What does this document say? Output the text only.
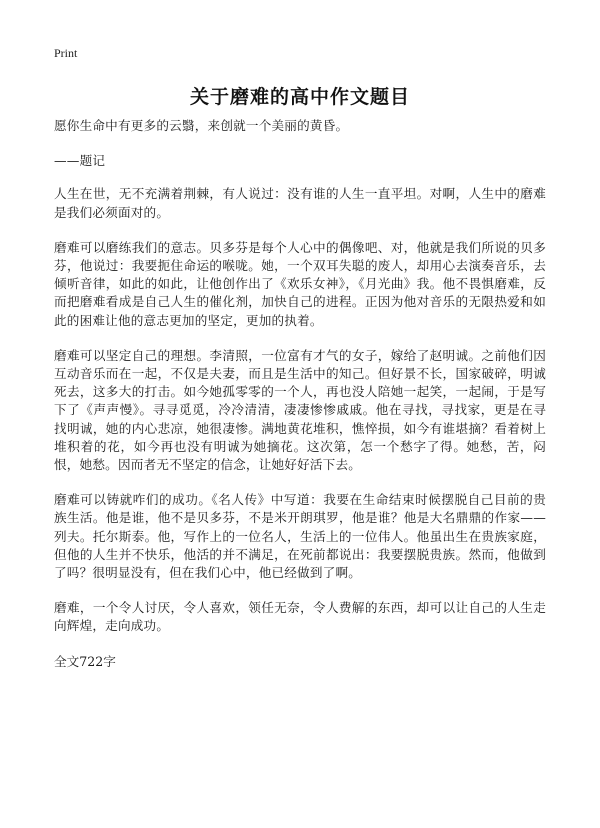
Print
关于磨难的高中作文题目

愿你生命中有更多的云翳，来创就一个美丽的黄昏。

——题记

人生在世，无不充满着荆棘，有人说过：没有谁的人生一直平坦。对啊，人生中的磨难是我们必须面对的。

磨难可以磨练我们的意志。贝多芬是每个人心中的偶像吧、对，他就是我们所说的贝多芬，他说过：我要扼住命运的喉咙。她，一个双耳失聪的废人，却用心去演奏音乐，去倾听音律，如此的如此，让他创作出了《欢乐女神》，《月光曲》我。他不畏惧磨难，反而把磨难看成是自己人生的催化剂，加快自己的进程。正因为他对音乐的无限热爱和如此的困难让他的意志更加的坚定，更加的执着。

磨难可以坚定自己的理想。李清照，一位富有才气的女子，嫁给了赵明诚。之前他们因互动音乐而在一起，不仅是夫妻，而且是生活中的知己。但好景不长，国家破碎，明诚死去，这多大的打击。如今她孤零零的一个人，再也没人陪她一起笑，一起闹，于是写下了《声声慢》。寻寻觅觅，冷冷清清，凄凄惨惨戚戚。他在寻找，寻找家，更是在寻找明诚，她的内心悲凉，她很凄惨。满地黄花堆积，憔悴损，如今有谁堪摘？看着树上堆积着的花，如今再也没有明诚为她摘花。这次第，怎一个愁字了得。她愁，苦，闷恨，她愁。因而者无不坚定的信念，让她好好活下去。

磨难可以铸就咋们的成功。《名人传》中写道：我要在生命结束时候摆脱自己目前的贵族生活。他是谁，他不是贝多芬，不是米开朗琪罗，他是谁？他是大名鼎鼎的作家——列夫。托尔斯泰。他，写作上的一位名人，生活上的一位伟人。他虽出生在贵族家庭，但他的人生并不快乐，他活的并不满足，在死前都说出：我要摆脱贵族。然而，他做到了吗？很明显没有，但在我们心中，他已经做到了啊。

磨难，一个令人讨厌，令人喜欢，领任无奈，令人费解的东西，却可以让自己的人生走向辉煌，走向成功。

全文722字
